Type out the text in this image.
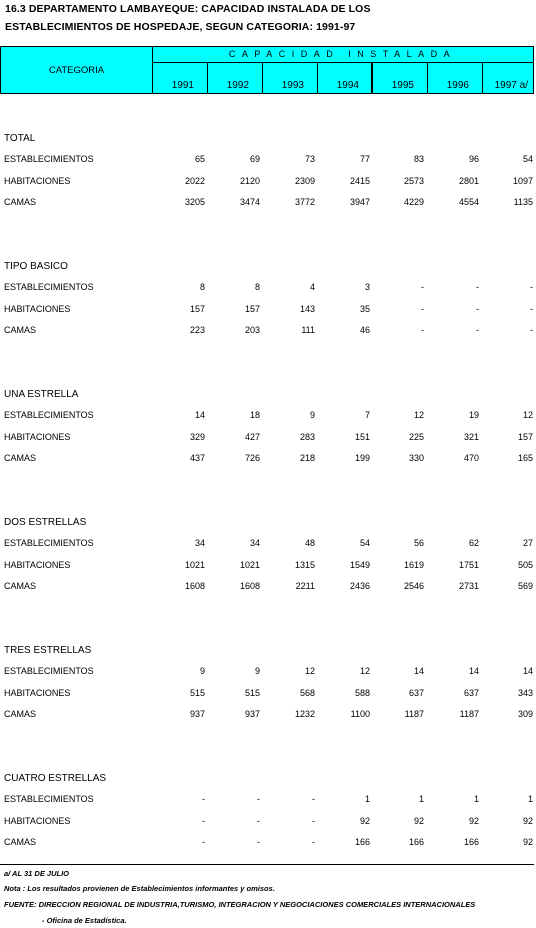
16.3 DEPARTAMENTO LAMBAYEQUE: CAPACIDAD INSTALADA DE LOS
ESTABLECIMIENTOS DE HOSPEDAJE, SEGUN CATEGORIA: 1991-97
CATEGORIA
CAPACIDAD INSTALADA
1991	1992	1993	1994	1995	1996	1997 a/
TOTAL
ESTABLECIMIENTOS	65	69	73	77	83	96	54
HABITACIONES	2022	2120	2309	2415	2573	2801	1097
CAMAS	3205	3474	3772	3947	4229	4554	1135
TIPO BASICO
ESTABLECIMIENTOS	8	8	4	3	-	-	-
HABITACIONES	157	157	143	35	-	-	-
CAMAS	223	203	111	46	-	-	-
UNA ESTRELLA
ESTABLECIMIENTOS	14	18	9	7	12	19	12
HABITACIONES	329	427	283	151	225	321	157
CAMAS	437	726	218	199	330	470	165
DOS ESTRELLAS
ESTABLECIMIENTOS	34	34	48	54	56	62	27
HABITACIONES	1021	1021	1315	1549	1619	1751	505
CAMAS	1608	1608	2211	2436	2546	2731	569
TRES ESTRELLAS
ESTABLECIMIENTOS	9	9	12	12	14	14	14
HABITACIONES	515	515	568	588	637	637	343
CAMAS	937	937	1232	1100	1187	1187	309
CUATRO ESTRELLAS
ESTABLECIMIENTOS	-	-	-	1	1	1	1
HABITACIONES	-	-	-	92	92	92	92
CAMAS	-	-	-	166	166	166	92
a/ AL 31 DE JULIO
Nota : Los resultados provienen de Establecimientos informantes y omisos.
FUENTE: DIRECCION REGIONAL DE INDUSTRIA,TURISMO, INTEGRACION Y NEGOCIACIONES COMERCIALES INTERNACIONALES
- Oficina de Estadística.
